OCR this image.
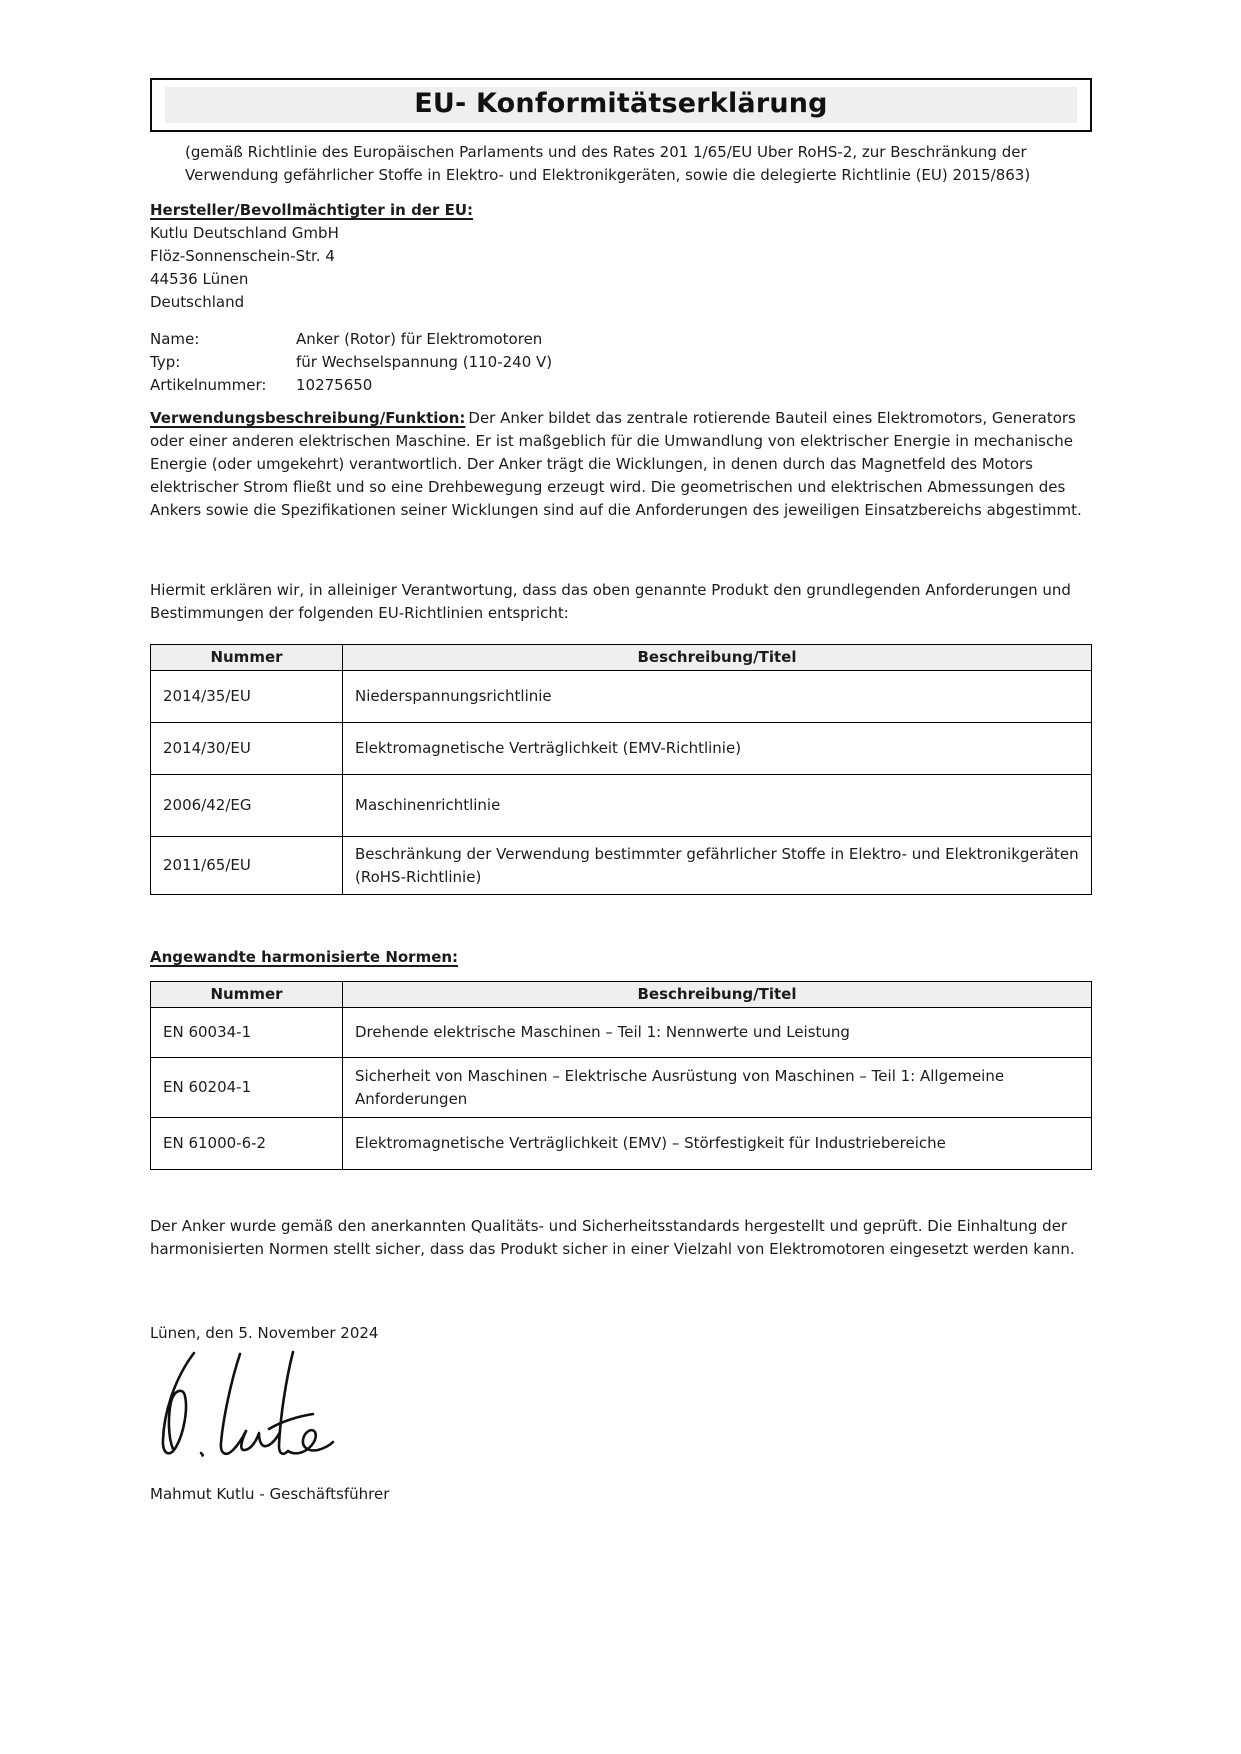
EU- Konformitätserklärung

(gemäß Richtlinie des Europäischen Parlaments und des Rates 201 1/65/EU Uber RoHS-2, zur Beschränkung der Verwendung gefährlicher Stoffe in Elektro- und Elektronikgeräten, sowie die delegierte Richtlinie (EU) 2015/863)

Hersteller/Bevollmächtigter in der EU:

Kutlu Deutschland GmbH
Flöz-Sonnenschein-Str. 4
44536 Lünen
Deutschland
Name:	Anker (Rotor) für Elektromotoren
Typ:	für Wechselspannung (110-240 V)
Artikelnummer:	10275650

Verwendungsbeschreibung/Funktion: Der Anker bildet das zentrale rotierende Bauteil eines Elektromotors, Generators oder einer anderen elektrischen Maschine. Er ist maßgeblich für die Umwandlung von elektrischer Energie in mechanische Energie (oder umgekehrt) verantwortlich. Der Anker trägt die Wicklungen, in denen durch das Magnetfeld des Motors elektrischer Strom fließt und so eine Drehbewegung erzeugt wird. Die geometrischen und elektrischen Abmessungen des Ankers sowie die Spezifikationen seiner Wicklungen sind auf die Anforderungen des jeweiligen Einsatzbereichs abgestimmt.

Hiermit erklären wir, in alleiniger Verantwortung, dass das oben genannte Produkt den grundlegenden Anforderungen und Bestimmungen der folgenden EU-Richtlinien entspricht:

Nummer	Beschreibung/Titel
2014/35/EU	Niederspannungsrichtlinie
2014/30/EU	Elektromagnetische Verträglichkeit (EMV-Richtlinie)
2006/42/EG	Maschinenrichtlinie
2011/65/EU	Beschränkung der Verwendung bestimmter gefährlicher Stoffe in Elektro- und Elektronikgeräten (RoHS-Richtlinie)

Angewandte harmonisierte Normen:

Nummer	Beschreibung/Titel
EN 60034-1	Drehende elektrische Maschinen – Teil 1: Nennwerte und Leistung
EN 60204-1	Sicherheit von Maschinen – Elektrische Ausrüstung von Maschinen – Teil 1: Allgemeine Anforderungen
EN 61000-6-2	Elektromagnetische Verträglichkeit (EMV) – Störfestigkeit für Industriebereiche

Der Anker wurde gemäß den anerkannten Qualitäts- und Sicherheitsstandards hergestellt und geprüft. Die Einhaltung der harmonisierten Normen stellt sicher, dass das Produkt sicher in einer Vielzahl von Elektromotoren eingesetzt werden kann.

Lünen, den 5. November 2024

Mahmut Kutlu - Geschäftsführer
